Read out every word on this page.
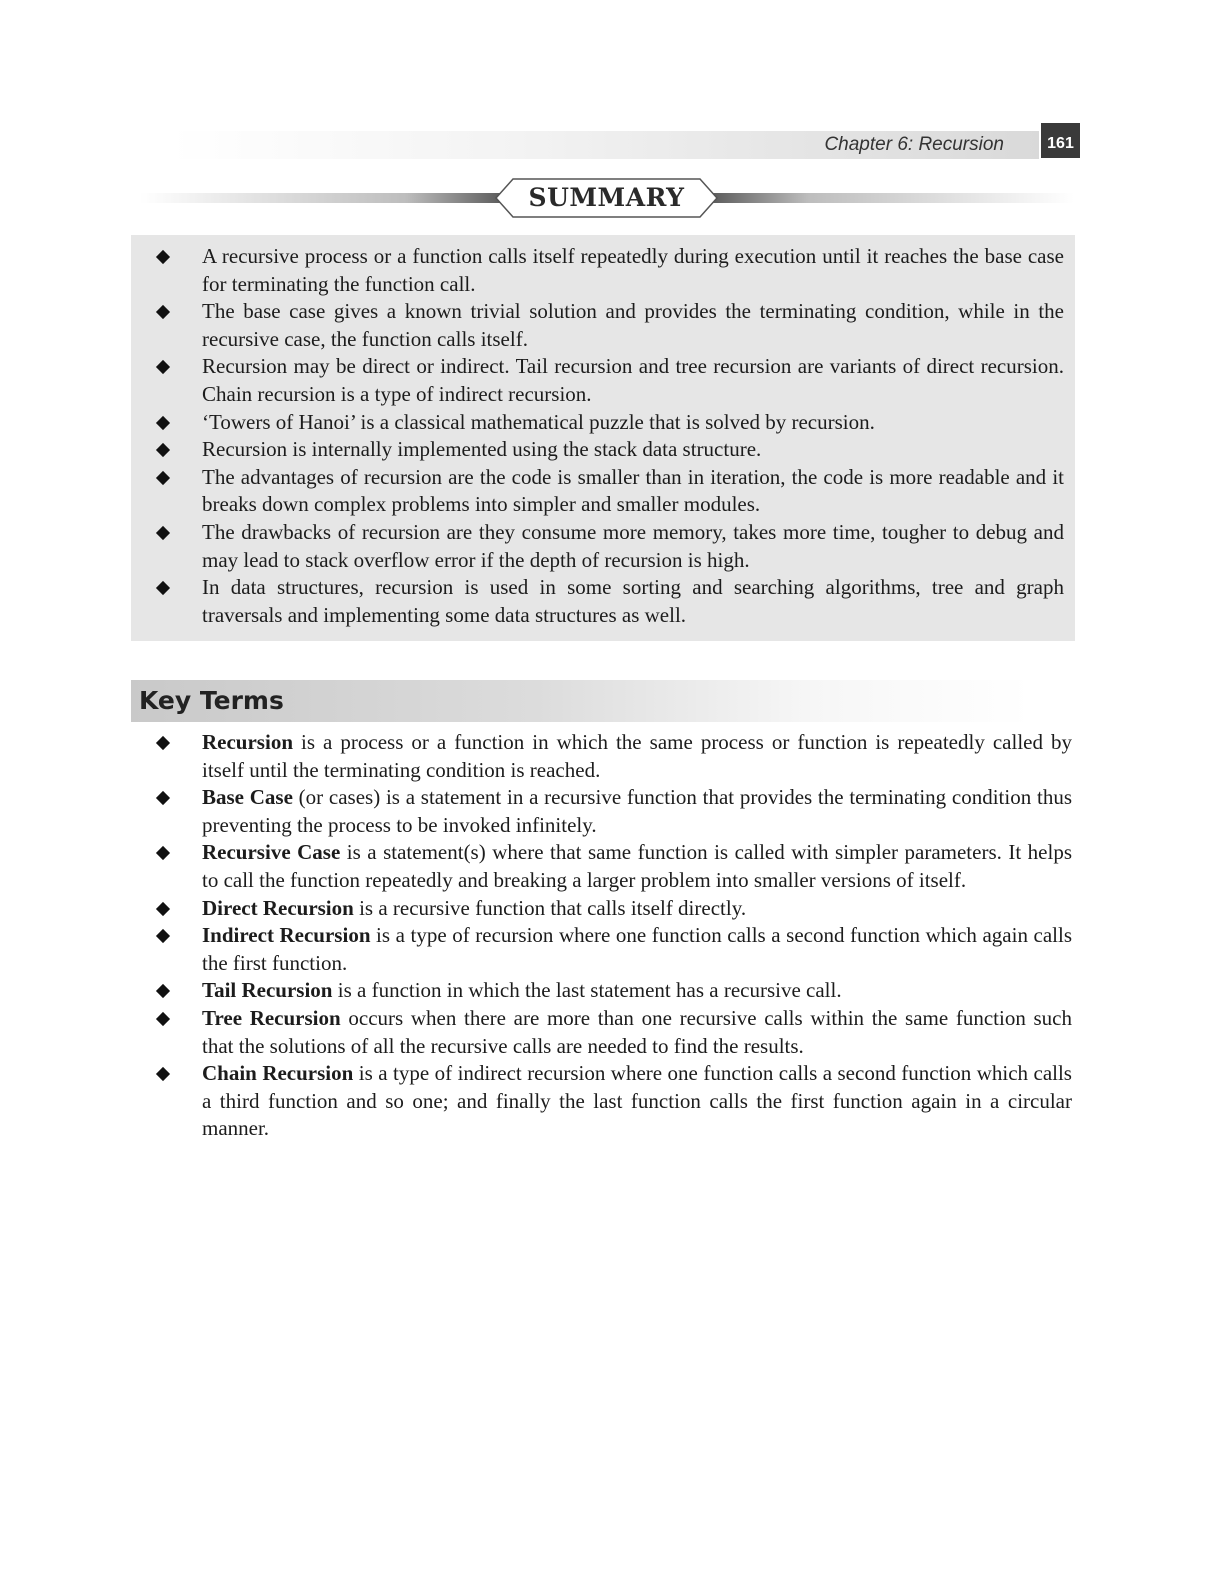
Chapter 6: Recursion	161
SUMMARY
A recursive process or a function calls itself repeatedly during execution until it reaches the base case for terminating the function call.
The base case gives a known trivial solution and provides the terminating condition, while in the recursive case, the function calls itself.
Recursion may be direct or indirect. Tail recursion and tree recursion are variants of direct recursion. Chain recursion is a type of indirect recursion.
‘Towers of Hanoi’ is a classical mathematical puzzle that is solved by recursion.
Recursion is internally implemented using the stack data structure.
The advantages of recursion are the code is smaller than in iteration, the code is more readable and it breaks down complex problems into simpler and smaller modules.
The drawbacks of recursion are they consume more memory, takes more time, tougher to debug and may lead to stack overflow error if the depth of recursion is high.
In data structures, recursion is used in some sorting and searching algorithms, tree and graph traversals and implementing some data structures as well.
Key Terms
Recursion is a process or a function in which the same process or function is repeatedly called by itself until the terminating condition is reached.
Base Case (or cases) is a statement in a recursive function that provides the terminating condition thus preventing the process to be invoked infinitely.
Recursive Case is a statement(s) where that same function is called with simpler parameters. It helps to call the function repeatedly and breaking a larger problem into smaller versions of itself.
Direct Recursion is a recursive function that calls itself directly.
Indirect Recursion is a type of recursion where one function calls a second function which again calls the first function.
Tail Recursion is a function in which the last statement has a recursive call.
Tree Recursion occurs when there are more than one recursive calls within the same function such that the solutions of all the recursive calls are needed to find the results.
Chain Recursion is a type of indirect recursion where one function calls a second function which calls a third function and so one; and finally the last function calls the first function again in a circular manner.
